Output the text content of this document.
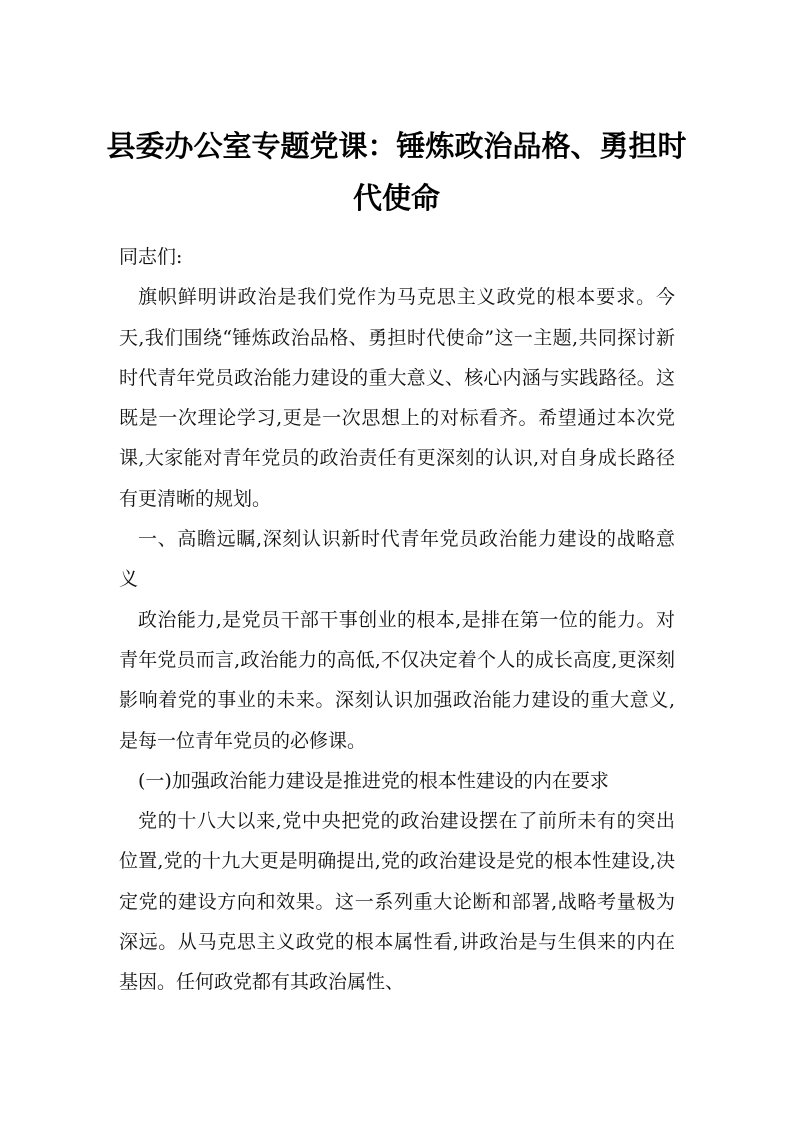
县委办公室专题党课：锤炼政治品格、勇担时代使命

同志们:

旗帜鲜明讲政治是我们党作为马克思主义政党的根本要求。今天,我们围绕“锤炼政治品格、勇担时代使命”这一主题,共同探讨新时代青年党员政治能力建设的重大意义、核心内涵与实践路径。这既是一次理论学习,更是一次思想上的对标看齐。希望通过本次党课,大家能对青年党员的政治责任有更深刻的认识,对自身成长路径有更清晰的规划。

一、高瞻远瞩,深刻认识新时代青年党员政治能力建设的战略意义

政治能力,是党员干部干事创业的根本,是排在第一位的能力。对青年党员而言,政治能力的高低,不仅决定着个人的成长高度,更深刻影响着党的事业的未来。深刻认识加强政治能力建设的重大意义,是每一位青年党员的必修课。

(一)加强政治能力建设是推进党的根本性建设的内在要求

党的十八大以来,党中央把党的政治建设摆在了前所未有的突出位置,党的十九大更是明确提出,党的政治建设是党的根本性建设,决定党的建设方向和效果。这一系列重大论断和部署,战略考量极为深远。从马克思主义政党的根本属性看,讲政治是与生俱来的内在基因。任何政党都有其政治属性、
